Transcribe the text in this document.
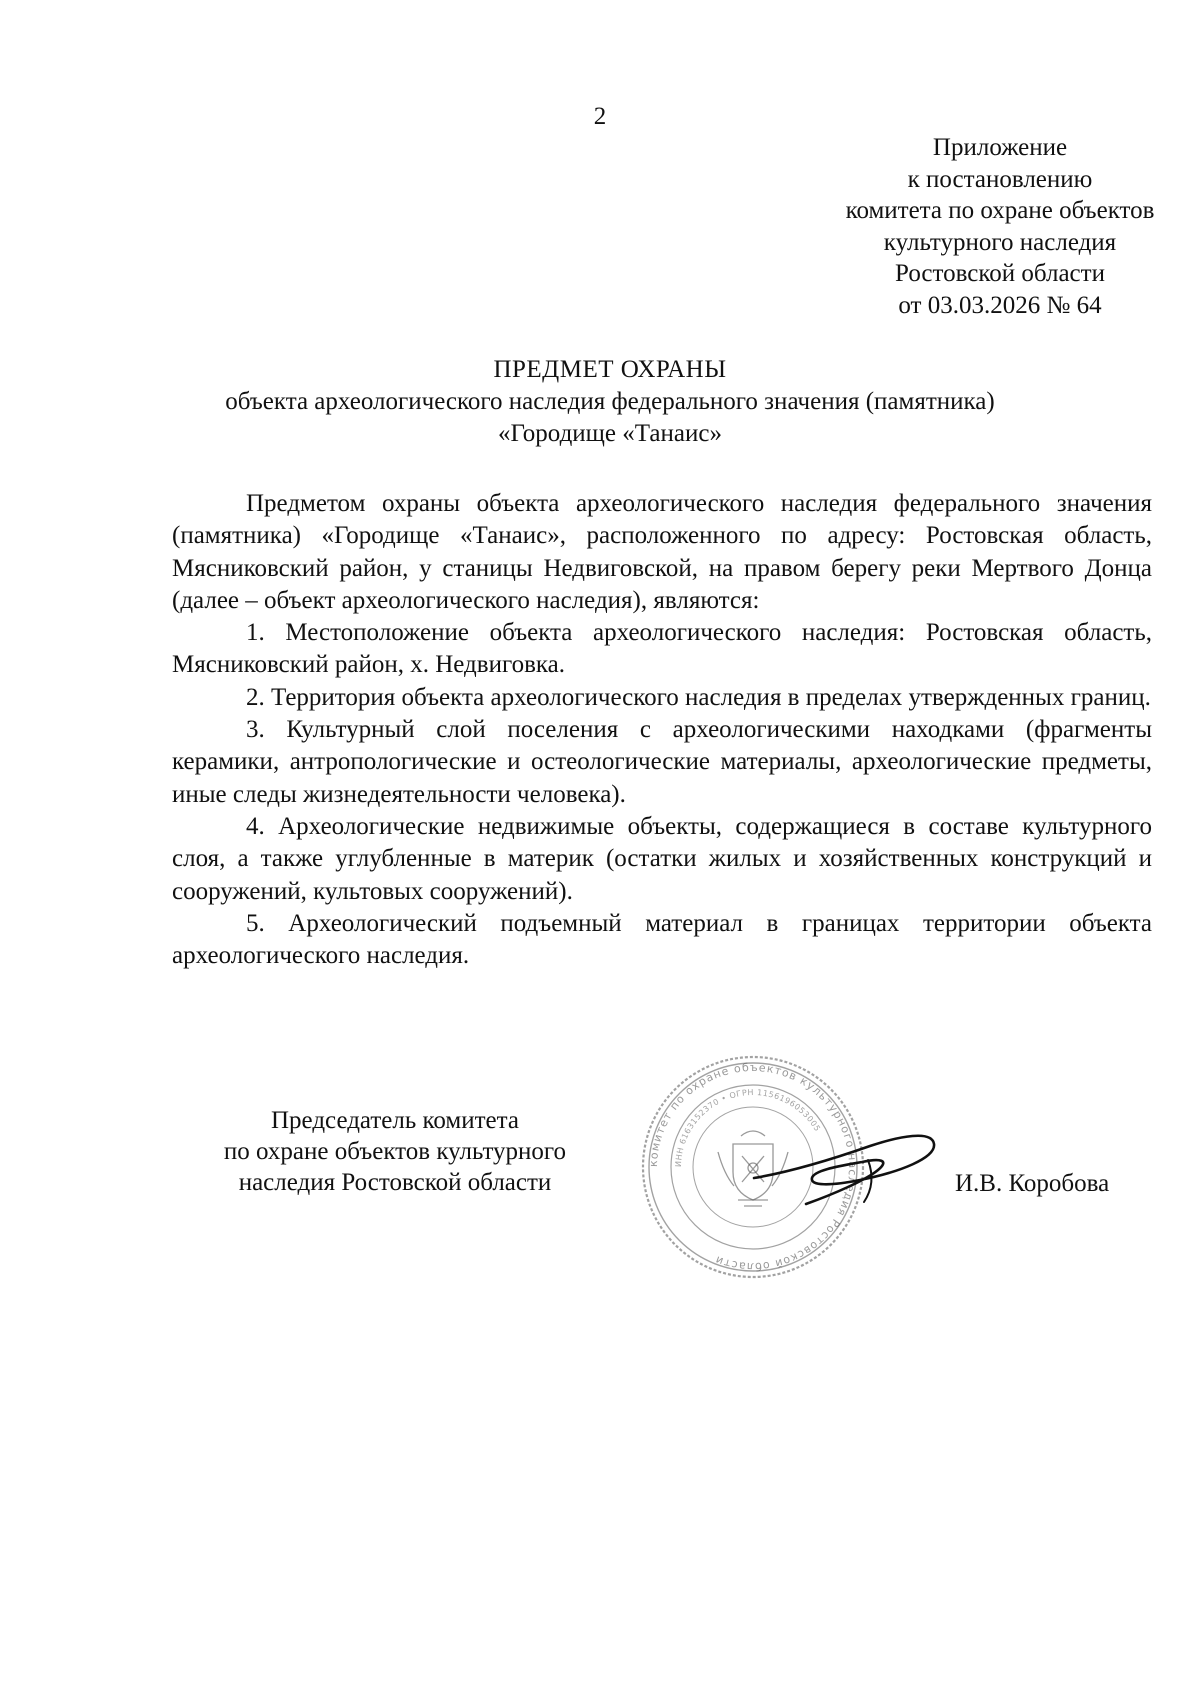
2
Приложение
к постановлению
комитета по охране объектов
культурного наследия
Ростовской области
от 03.03.2026 № 64
ПРЕДМЕТ ОХРАНЫ
объекта археологического наследия федерального значения (памятника)
«Городище «Танаис»

Предметом охраны объекта археологического наследия федерального значения (памятника) «Городище «Танаис», расположенного по адресу: Ростовская область, Мясниковский район, у станицы Недвиговской, на правом берегу реки Мертвого Донца (далее – объект археологического наследия), являются:

1. Местоположение объекта археологического наследия: Ростовская область, Мясниковский район, х. Недвиговка.

2. Территория объекта археологического наследия в пределах утвержденных границ.

3. Культурный слой поселения с археологическими находками (фрагменты керамики, антропологические и остеологические материалы, археологические предметы, иные следы жизнедеятельности человека).

4. Археологические недвижимые объекты, содержащиеся в составе культурного слоя, а также углубленные в материк (остатки жилых и хозяйственных конструкций и сооружений, культовых сооружений).

5. Археологический подъемный материал в границах территории объекта археологического наследия.

Председатель комитета
по охране объектов культурного
наследия Ростовской области
комитет по охране объектов культурного наследия Ростовской области
ИНН 6163152370 • ОГРН 1156196053005
И.В. Коробова
